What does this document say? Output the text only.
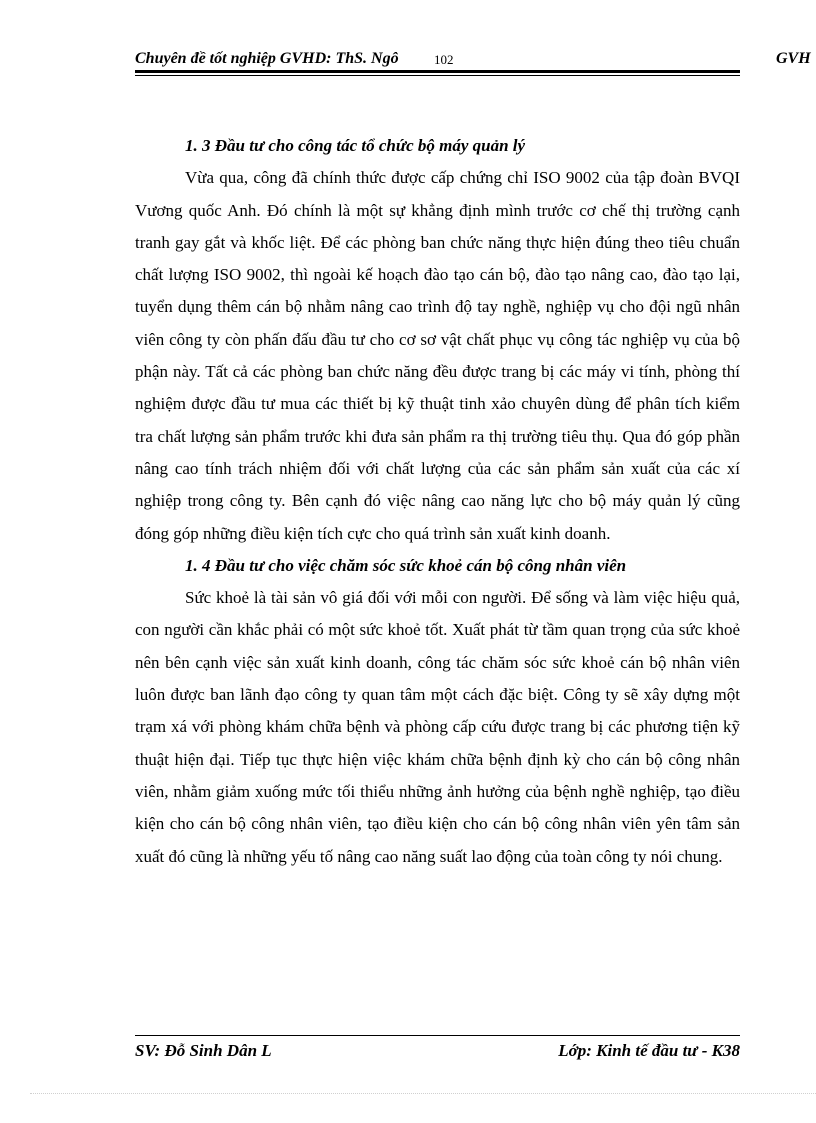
Chuyên đề tốt nghiệp GVHD: ThS. Ngô	102	GVH

1. 3 Đầu tư cho công tác tổ chức bộ máy quản lý

Vừa qua, công đã chính thức được cấp chứng chỉ ISO 9002 của tập đoàn BVQI Vương quốc Anh. Đó chính là một sự khẳng định mình trước cơ chế thị trường cạnh tranh gay gắt và khốc liệt. Để các phòng ban chức năng thực hiện đúng theo tiêu chuẩn chất lượng ISO 9002, thì ngoài kế hoạch đào tạo cán bộ, đào tạo nâng cao, đào tạo lại, tuyển dụng thêm cán bộ nhằm nâng cao trình độ tay nghề, nghiệp vụ cho đội ngũ nhân viên công ty còn phấn đấu đầu tư cho cơ sơ vật chất phục vụ công tác nghiệp vụ của bộ phận này. Tất cả các phòng ban chức năng đều được trang bị các máy vi tính, phòng thí nghiệm được đầu tư mua các thiết bị kỹ thuật tinh xảo chuyên dùng để phân tích kiểm tra chất lượng sản phẩm trước khi đưa sản phẩm ra thị trường tiêu thụ. Qua đó góp phần nâng cao tính trách nhiệm đối với chất lượng của các sản phẩm sản xuất của các xí nghiệp trong công ty. Bên cạnh đó việc nâng cao năng lực cho bộ máy quản lý cũng đóng góp những điều kiện tích cực cho quá trình sản xuất kinh doanh.

1. 4 Đầu tư cho việc chăm sóc sức khoẻ cán bộ công nhân viên

Sức khoẻ là tài sản vô giá đối với mỗi con người. Để sống và làm việc hiệu quả, con người cần khắc phải có một sức khoẻ tốt. Xuất phát từ tầm quan trọng của sức khoẻ nên bên cạnh việc sản xuất kinh doanh, công tác chăm sóc sức khoẻ cán bộ nhân viên luôn được ban lãnh đạo công ty quan tâm một cách đặc biệt. Công ty sẽ xây dựng một trạm xá với phòng khám chữa bệnh và phòng cấp cứu được trang bị các phương tiện kỹ thuật hiện đại. Tiếp tục thực hiện việc khám chữa bệnh định kỳ cho cán bộ công nhân viên, nhằm giảm xuống mức tối thiểu những ảnh hưởng của bệnh nghề nghiệp, tạo điều kiện cho cán bộ công nhân viên, tạo điều kiện cho cán bộ công nhân viên yên tâm sản xuất đó cũng là những yếu tố nâng cao năng suất lao động của toàn công ty nói chung.

SV: Đỗ Sinh Dân L	Lớp: Kinh tế đầu tư - K38
